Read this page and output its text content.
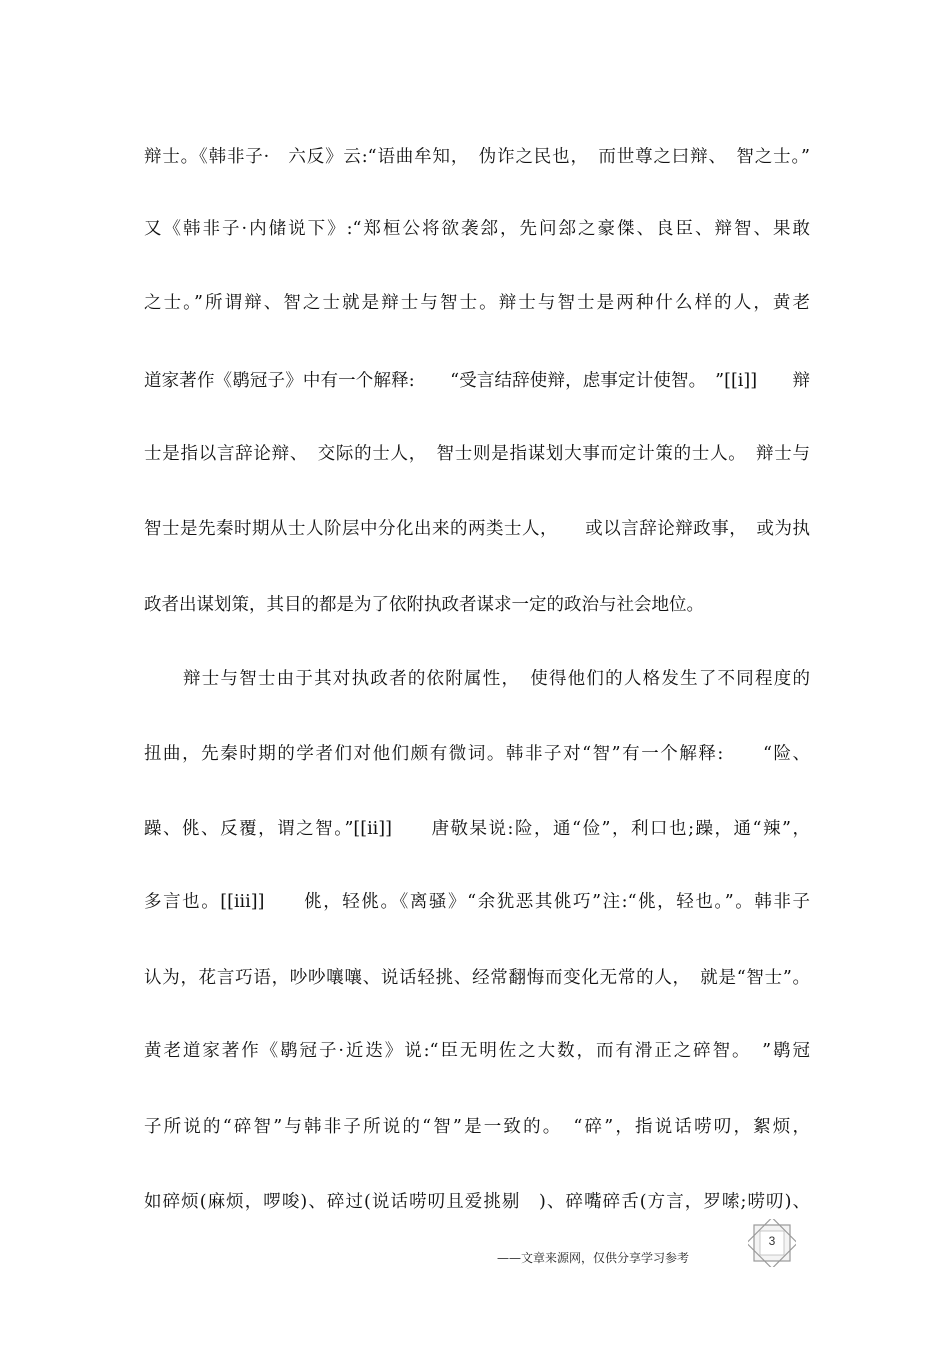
辩士。《韩非子·　六反》云:“语曲牟知，　伪诈之民也，　而世尊之曰辩、　智之士。”
又《韩非子·内储说下》:“郑桓公将欲袭郐，先问郐之豪傑、良臣、辩智、果敢
之士。”所谓辩、智之士就是辩士与智士。辩士与智士是两种什么样的人，黄老
道家著作《鹖冠子》中有一个解释:　　“受言结辞使辩，虑事定计使智。　”[[i]]　　辩
士是指以言辞论辩、　交际的士人，　智士则是指谋划大事而定计策的士人。　辩士与
智士是先秦时期从士人阶层中分化出来的两类士人，　　或以言辞论辩政事，　或为执
政者出谋划策，其目的都是为了依附执政者谋求一定的政治与社会地位。
辩士与智士由于其对执政者的依附属性，　使得他们的人格发生了不同程度的
扭曲，先秦时期的学者们对他们颇有微词。韩非子对“智”有一个解释:　　“险、
躁、佻、反覆，谓之智。”[[ii]]　　唐敬杲说:险，通“俭”，利口也;躁，通“辣”，
多言也。[[iii]]　　佻，轻佻。《离骚》“余犹恶其佻巧”注:“佻，轻也。”。韩非子
认为，花言巧语，吵吵嚷嚷、说话轻挑、经常翻悔而变化无常的人，　就是“智士”。
黄老道家著作《鹖冠子·近迭》说:“臣无明佐之大数，而有滑正之碎智。　”鹖冠
子所说的“碎智”与韩非子所说的“智”是一致的。　“碎”，指说话唠叨，絮烦，
如碎烦(麻烦，啰唆)、碎过(说话唠叨且爱挑剔　)、碎嘴碎舌(方言，罗嗦;唠叨)、
3
——文章来源网，仅供分享学习参考
